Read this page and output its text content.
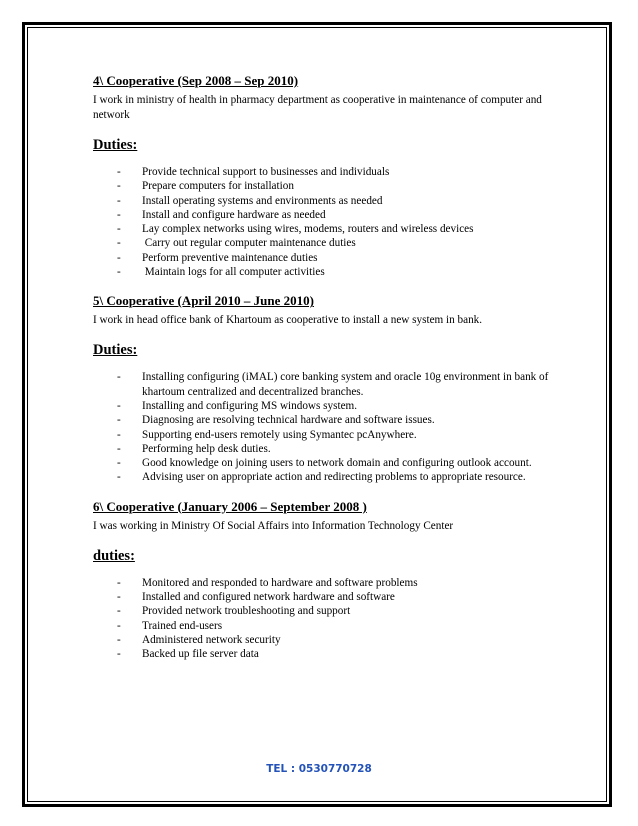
4\ Cooperative (Sep 2008 – Sep 2010)

I work in ministry of health in pharmacy department as cooperative in maintenance of computer and network

Duties:

- Provide technical support to businesses and individuals
- Prepare computers for installation
- Install operating systems and environments as needed
- Install and configure hardware as needed
- Lay complex networks using wires, modems, routers and wireless devices
-  Carry out regular computer maintenance duties
- Perform preventive maintenance duties
-  Maintain logs for all computer activities

5\ Cooperative (April 2010 – June 2010)

I work in head office bank of Khartoum as cooperative to install a new system in bank.

Duties:

- Installing configuring (iMAL) core banking system and oracle 10g environment in bank of khartoum centralized and decentralized branches.
- Installing and configuring MS windows system.
- Diagnosing are resolving technical hardware and software issues.
- Supporting end-users remotely using Symantec pcAnywhere.
- Performing help desk duties.
- Good knowledge on joining users to network domain and configuring outlook account.
- Advising user on appropriate action and redirecting problems to appropriate resource.

6\ Cooperative (January 2006 – September 2008 )

I was working in Ministry Of Social Affairs into Information Technology Center

duties:

- Monitored and responded to hardware and software problems
- Installed and configured network hardware and software
- Provided network troubleshooting and support
- Trained end-users
- Administered network security
- Backed up file server data
TEL : 0530770728
